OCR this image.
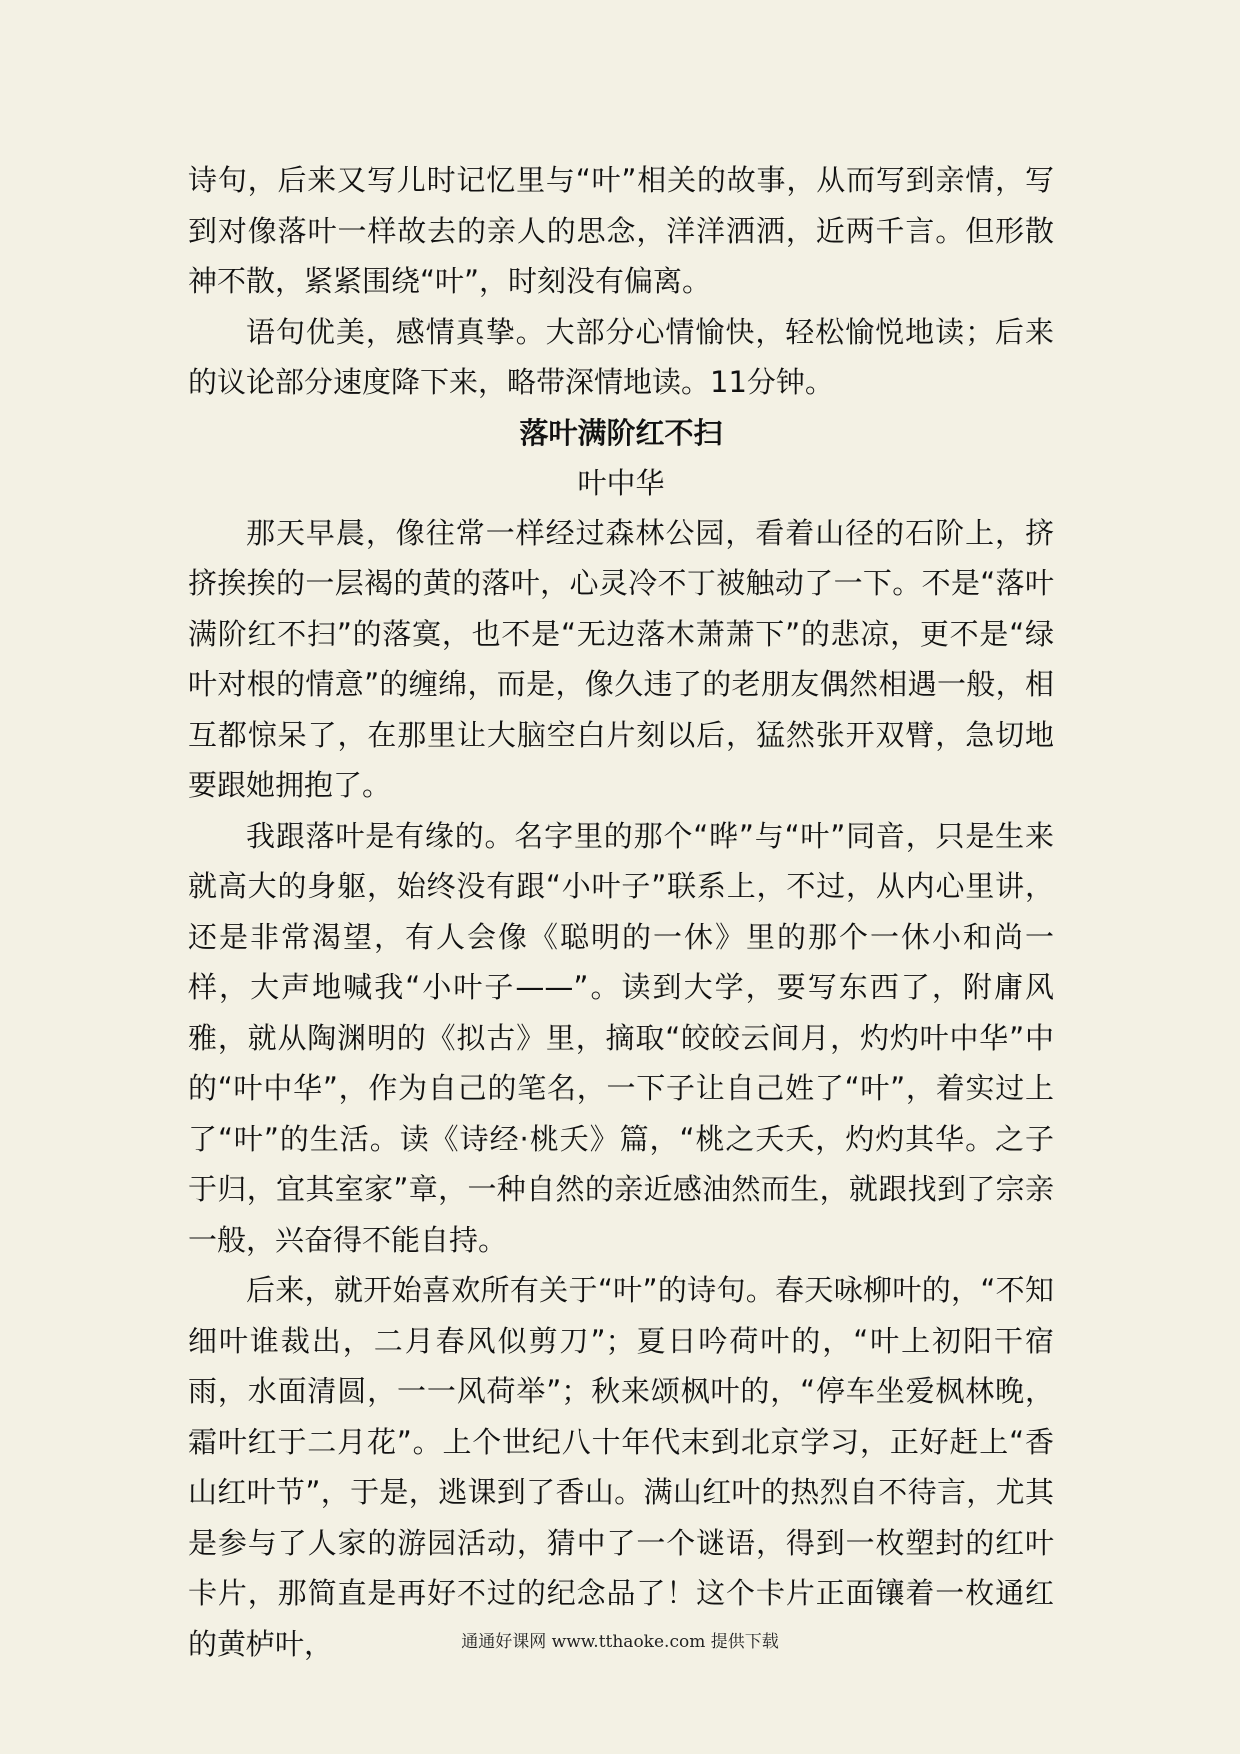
诗句，后来又写儿时记忆里与“叶”相关的故事，从而写到亲情，写到对像落叶一样故去的亲人的思念，洋洋洒洒，近两千言。但形散神不散，紧紧围绕“叶”，时刻没有偏离。

语句优美，感情真挚。大部分心情愉快，轻松愉悦地读；后来的议论部分速度降下来，略带深情地读。11分钟。

落叶满阶红不扫

叶中华

那天早晨，像往常一样经过森林公园，看着山径的石阶上，挤挤挨挨的一层褐的黄的落叶，心灵冷不丁被触动了一下。不是“落叶满阶红不扫”的落寞，也不是“无边落木萧萧下”的悲凉，更不是“绿叶对根的情意”的缠绵，而是，像久违了的老朋友偶然相遇一般，相互都惊呆了，在那里让大脑空白片刻以后，猛然张开双臂，急切地要跟她拥抱了。

我跟落叶是有缘的。名字里的那个“晔”与“叶”同音，只是生来就高大的身躯，始终没有跟“小叶子”联系上，不过，从内心里讲，还是非常渴望，有人会像《聪明的一休》里的那个一休小和尚一样，大声地喊我“小叶子——”。读到大学，要写东西了，附庸风雅，就从陶渊明的《拟古》里，摘取“皎皎云间月，灼灼叶中华”中的“叶中华”，作为自己的笔名，一下子让自己姓了“叶”，着实过上了“叶”的生活。读《诗经·桃夭》篇，“桃之夭夭，灼灼其华。之子于归，宜其室家”章，一种自然的亲近感油然而生，就跟找到了宗亲一般，兴奋得不能自持。

后来，就开始喜欢所有关于“叶”的诗句。春天咏柳叶的，“不知细叶谁裁出，二月春风似剪刀”；夏日吟荷叶的，“叶上初阳干宿雨，水面清圆，一一风荷举”；秋来颂枫叶的，“停车坐爱枫林晚，霜叶红于二月花”。上个世纪八十年代末到北京学习，正好赶上“香山红叶节”，于是，逃课到了香山。满山红叶的热烈自不待言，尤其是参与了人家的游园活动，猜中了一个谜语，得到一枚塑封的红叶卡片，那简直是再好不过的纪念品了！这个卡片正面镶着一枚通红的黄栌叶，	通通好课网 www.tthaoke.com 提供下载
